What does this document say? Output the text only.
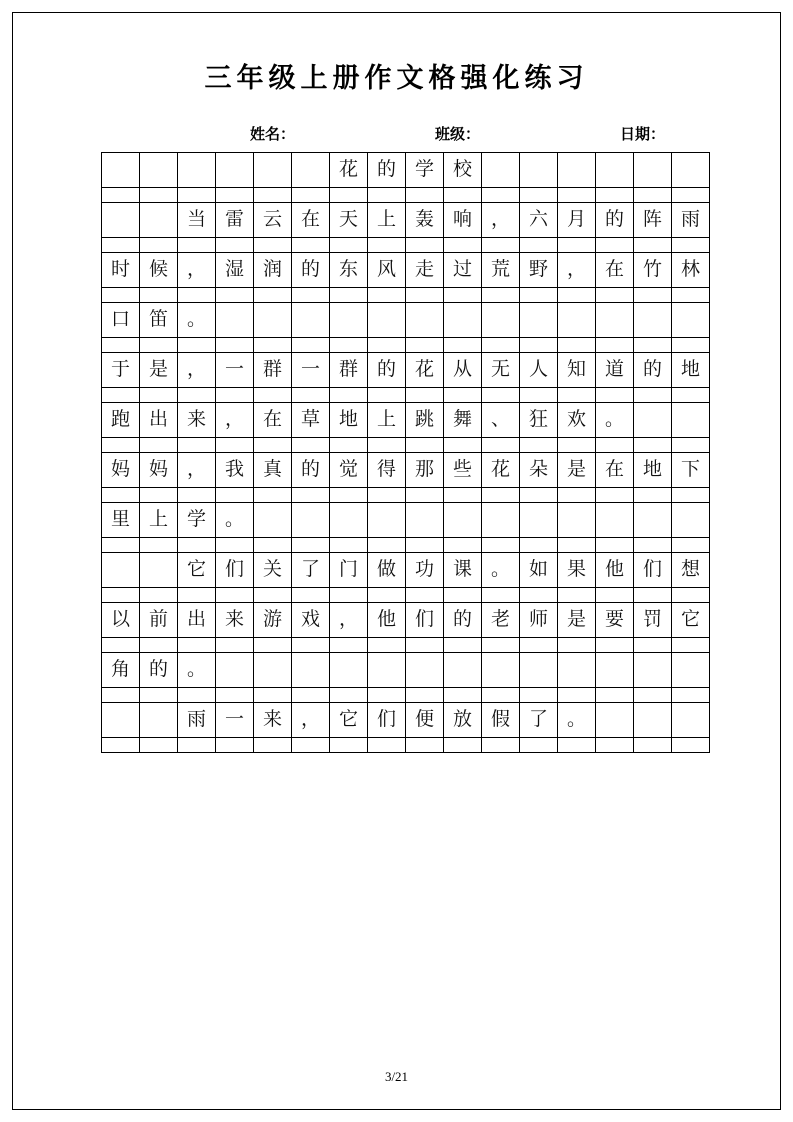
三年级上册作文格强化练习
姓名：	班级：	日期：
						花	的	学	校						

		当	雷	云	在	天	上	轰	响	，	六	月	的	阵	雨

时	候	，	湿	润	的	东	风	走	过	荒	野	，	在	竹	林

口	笛	。													

于	是	，	一	群	一	群	的	花	从	无	人	知	道	的	地

跑	出	来	，	在	草	地	上	跳	舞	、	狂	欢	。		

妈	妈	，	我	真	的	觉	得	那	些	花	朵	是	在	地	下

里	上	学	。												

		它	们	关	了	门	做	功	课	。	如	果	他	们	想

以	前	出	来	游	戏	，	他	们	的	老	师	是	要	罚	它

角	的	。													

		雨	一	来	，	它	们	便	放	假	了	。			

3/21
